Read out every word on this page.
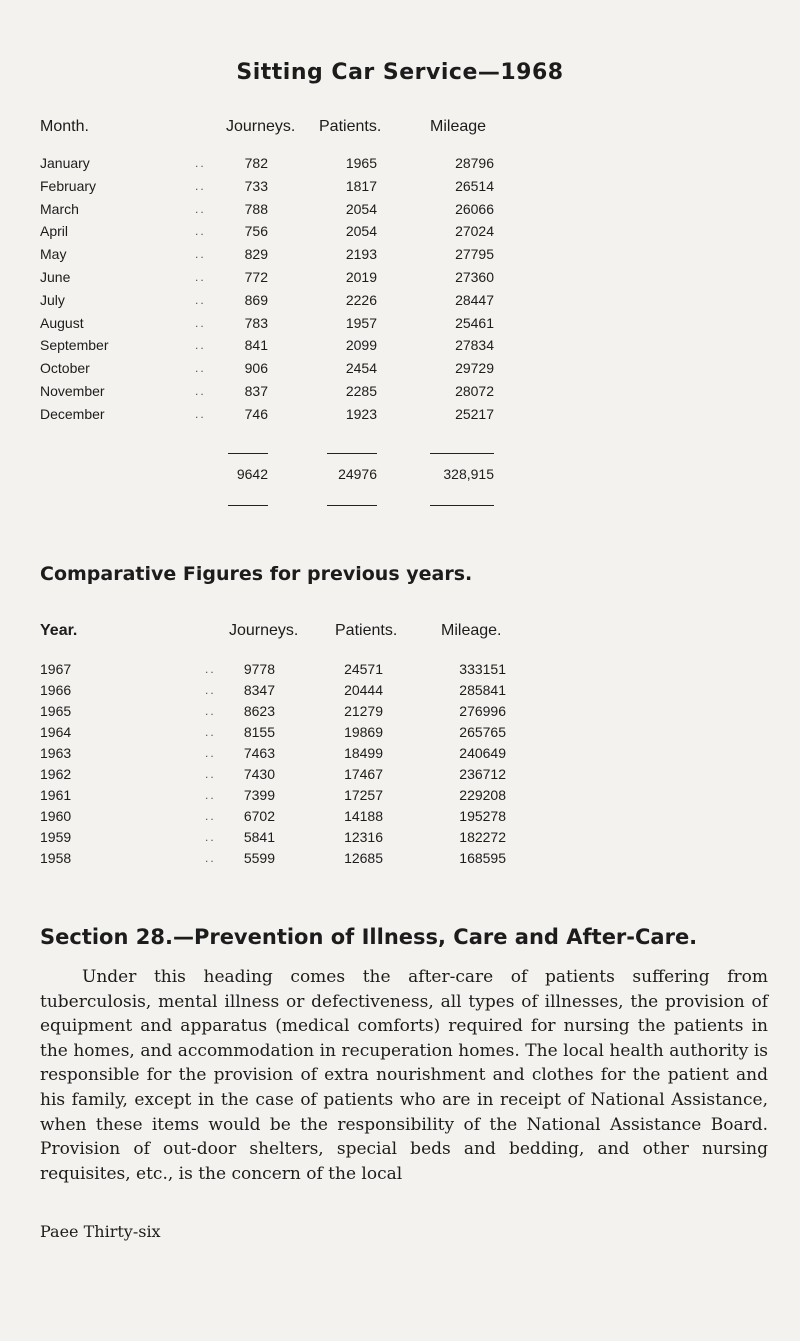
Sitting Car Service—1968
Month.	Journeys. Patients.	Mileage
January	..	782	1965	28796
February	..	733	1817	26514
March	..	788	2054	26066
April	..	756	2054	27024
May	..	829	2193	27795
June	..	772	2019	27360
July	..	869	2226	28447
August	..	783	1957	25461
September	..	841	2099	27834
October	..	906	2454	29729
November	..	837	2285	28072
December	..	746	1923	25217
9642	24976	328,915
Comparative Figures for previous years.
Year.	Journeys. Patients.	Mileage.
1967	..	9778	24571	333151
1966	..	8347	20444	285841
1965	..	8623	21279	276996
1964	..	8155	19869	265765
1963	..	7463	18499	240649
1962	..	7430	17467	236712
1961	..	7399	17257	229208
1960	..	6702	14188	195278
1959	..	5841	12316	182272
1958	..	5599	12685	168595
Section 28.—Prevention of Illness, Care and After-Care.

Under this heading comes the after-care of patients suffering from tuberculosis, mental illness or defectiveness, all types of illnesses, the provision of equipment and apparatus (medical comforts) required for nursing the patients in the homes, and accommodation in recuperation homes. The local health authority is responsible for the provision of extra nourishment and clothes for the patient and his family, except in the case of patients who are in receipt of National Assistance, when these items would be the responsibility of the National Assistance Board. Provision of out-door shelters, special beds and bedding, and other nursing requisites, etc., is the concern of the local

Paee Thirty-six
